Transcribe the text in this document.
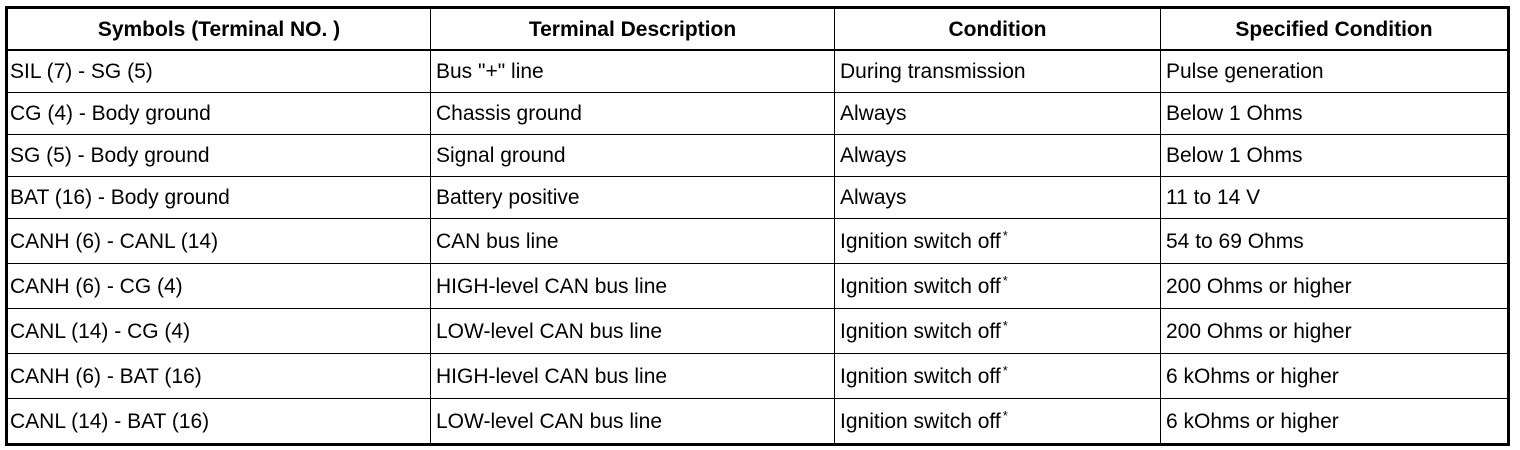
Symbols (Terminal NO. )	Terminal Description	Condition	Specified Condition
SIL (7) - SG (5)	Bus "+" line	During transmission	Pulse generation
CG (4) - Body ground	Chassis ground	Always	Below 1 Ohms
SG (5) - Body ground	Signal ground	Always	Below 1 Ohms
BAT (16) - Body ground	Battery positive	Always	11 to 14 V
CANH (6) - CANL (14)	CAN bus line	Ignition switch off *	54 to 69 Ohms
CANH (6) - CG (4)	HIGH-level CAN bus line	Ignition switch off *	200 Ohms or higher
CANL (14) - CG (4)	LOW-level CAN bus line	Ignition switch off *	200 Ohms or higher
CANH (6) - BAT (16)	HIGH-level CAN bus line	Ignition switch off *	6 kOhms or higher
CANL (14) - BAT (16)	LOW-level CAN bus line	Ignition switch off *	6 kOhms or higher
